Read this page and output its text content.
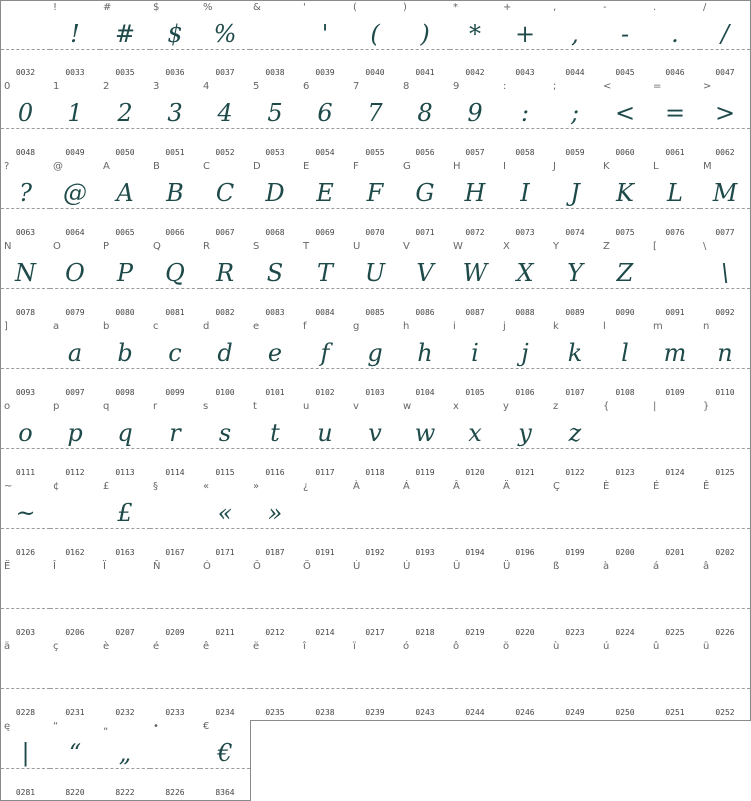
0032
!
!
0033
#
#
0035
$
$
0036
%
%
0037
&
0038
'
'
0039
(
(
0040
)
)
0041
*
*
0042
+
+
0043
,
,
0044
-
-
0045
.
.
0046
/
/
0047
0
0
0048
1
1
0049
2
2
0050
3
3
0051
4
4
0052
5
5
0053
6
6
0054
7
7
0055
8
8
0056
9
9
0057
:
:
0058
;
;
0059
<
<
0060
=
=
0061
>
>
0062
?
?
0063
@
@
0064
A
A
0065
B
B
0066
C
C
0067
D
D
0068
E
E
0069
F
F
0070
G
G
0071
H
H
0072
I
I
0073
J
J
0074
K
K
0075
L
L
0076
M
M
0077
N
N
0078
O
O
0079
P
P
0080
Q
Q
0081
R
R
0082
S
S
0083
T
T
0084
U
U
0085
V
V
0086
W
W
0087
X
X
0088
Y
Y
0089
Z
Z
0090
[
0091
\
\
0092
]
0093
a
a
0097
b
b
0098
c
c
0099
d
d
0100
e
e
0101
f
f
0102
g
g
0103
h
h
0104
i
i
0105
j
j
0106
k
k
0107
l
l
0108
m
m
0109
n
n
0110
o
o
0111
p
p
0112
q
q
0113
r
r
0114
s
s
0115
t
t
0116
u
u
0117
v
v
0118
w
w
0119
x
x
0120
y
y
0121
z
z
0122
{
0123
|
0124
}
0125
~
~
0126
¢
0162
£
£
0163
§
0167
«
«
0171
»
»
0187
¿
0191
À
0192
Á
0193
Â
0194
Ä
0196
Ç
0199
È
0200
É
0201
Ê
0202
Ë
0203
Î
0206
Ï
0207
Ñ
0209
Ó
0211
Ô
0212
Ö
0214
Ù
0217
Ú
0218
Û
0219
Ü
0220
ß
0223
à
0224
á
0225
â
0226
ä
0228
ç
0231
è
0232
é
0233
ê
0234
ë
0235
î
0238
ï
0239
ó
0243
ô
0244
ö
0246
ù
0249
ú
0250
û
0251
ü
0252
ę
|
0281
“
“
8220
„
„
8222
•
8226
€
€
8364
